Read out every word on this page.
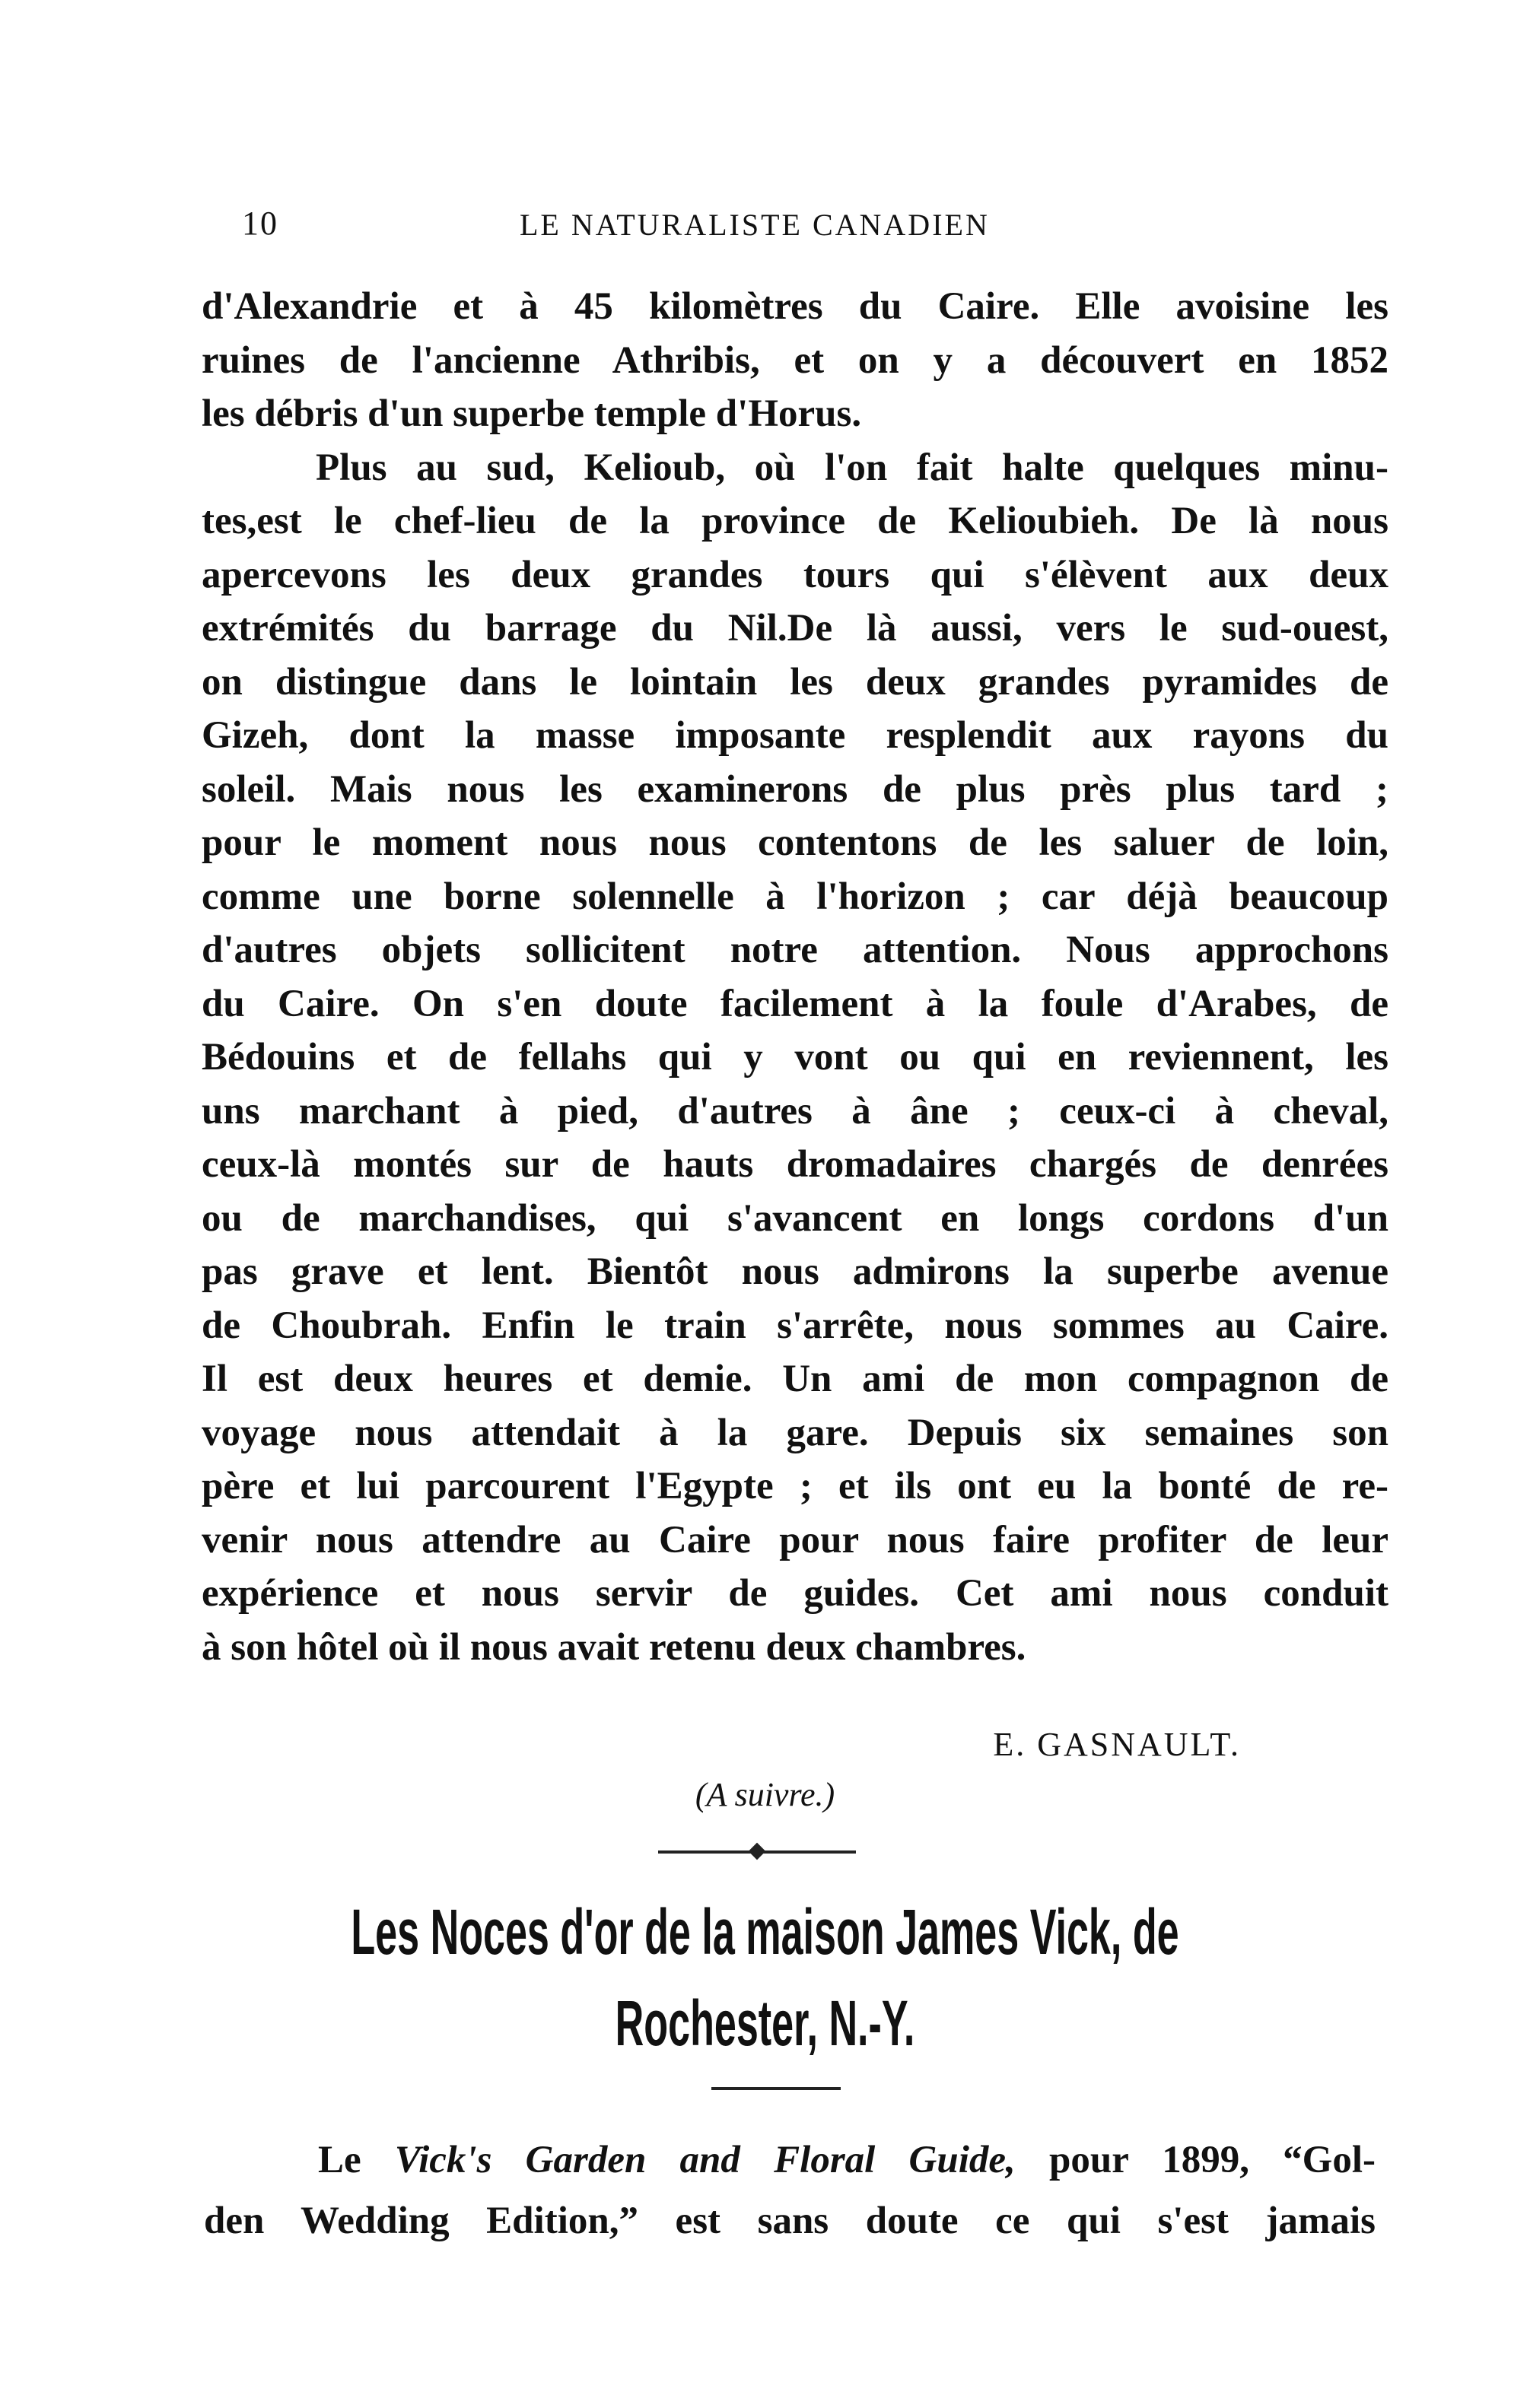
10	LE NATURALISTE CANADIEN
d'Alexandrie et à 45 kilomètres du Caire. Elle avoisine les
ruines de l'ancienne Athribis, et on y a découvert en 1852
les débris d'un superbe temple d'Horus.
Plus au sud, Kelioub, où l'on fait halte quelques minu-
tes,est le chef-lieu de la province de Kelioubieh. De là nous
apercevons les deux grandes tours qui s'élèvent aux deux
extrémités du barrage du Nil.De là aussi, vers le sud-ouest,
on distingue dans le lointain les deux grandes pyramides de
Gizeh, dont la masse imposante resplendit aux rayons du
soleil. Mais nous les examinerons de plus près plus tard ;
pour le moment nous nous contentons de les saluer de loin,
comme une borne solennelle à l'horizon ; car déjà beaucoup
d'autres objets sollicitent notre attention. Nous approchons
du Caire. On s'en doute facilement à la foule d'Arabes, de
Bédouins et de fellahs qui y vont ou qui en reviennent, les
uns marchant à pied, d'autres à âne ; ceux-ci à cheval,
ceux-là montés sur de hauts dromadaires chargés de denrées
ou de marchandises, qui s'avancent en longs cordons d'un
pas grave et lent. Bientôt nous admirons la superbe avenue
de Choubrah. Enfin le train s'arrête, nous sommes au Caire.
Il est deux heures et demie. Un ami de mon compagnon de
voyage nous attendait à la gare. Depuis six semaines son
père et lui parcourent l'Egypte ; et ils ont eu la bonté de re-
venir nous attendre au Caire pour nous faire profiter de leur
expérience et nous servir de guides. Cet ami nous conduit
à son hôtel où il nous avait retenu deux chambres.
E. GASNAULT.
(A suivre.)
Les Noces d'or de la maison James Vick, de
Rochester, N.-Y.
Le Vick's Garden and Floral Guide, pour 1899, “Gol-
den Wedding Edition,” est sans doute ce qui s'est jamais
